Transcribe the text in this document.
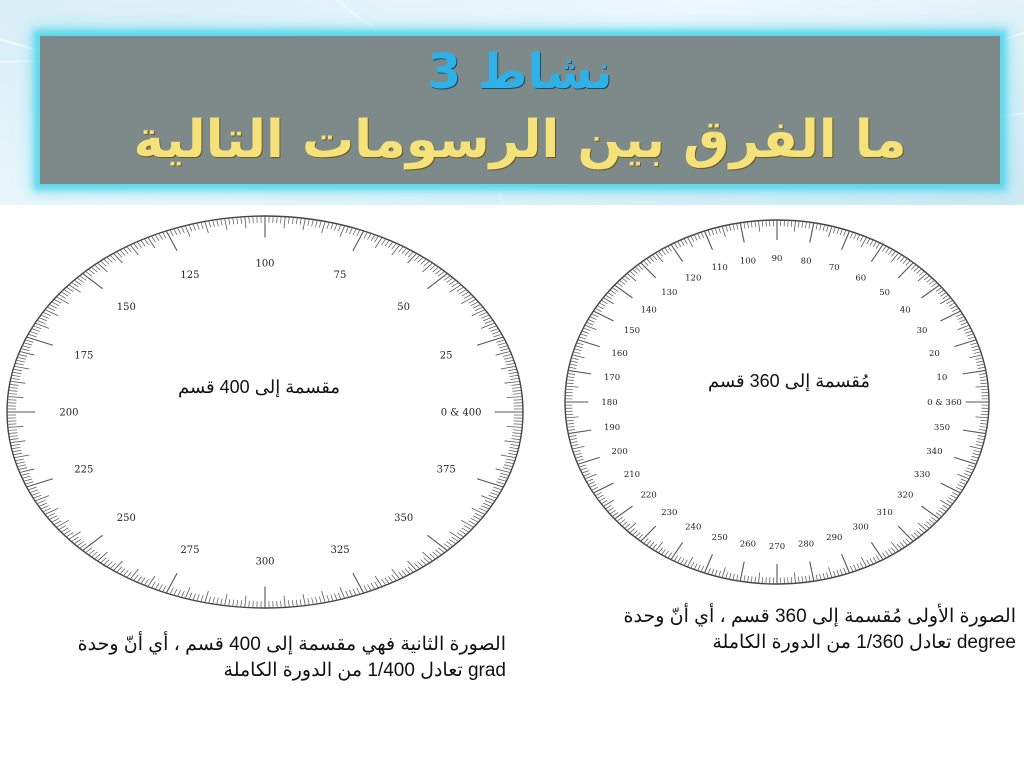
نشاط 3
ما الفرق بين الرسومات التالية
0 & 400
25
50
75
100
125
150
175
200
225
250
275
300
325
350
375
0 & 360
10
20
30
40
50
60
70
80
90
100
110
120
130
140
150
160
170
180
190
200
210
220
230
240
250
260 270 280
290
300
310
320
330
340
350
مقسمة إلى 400 قسم	مُقسمة إلى 360 قسم
الصورة الثانية فهي مقسمة إلى 400 قسم ، أي أنّ وحدة
grad تعادل 1/400 من الدورة الكاملة
الصورة الأولى مُقسمة إلى 360 قسم ، أي أنّ وحدة
degree تعادل 1/360 من الدورة الكاملة
